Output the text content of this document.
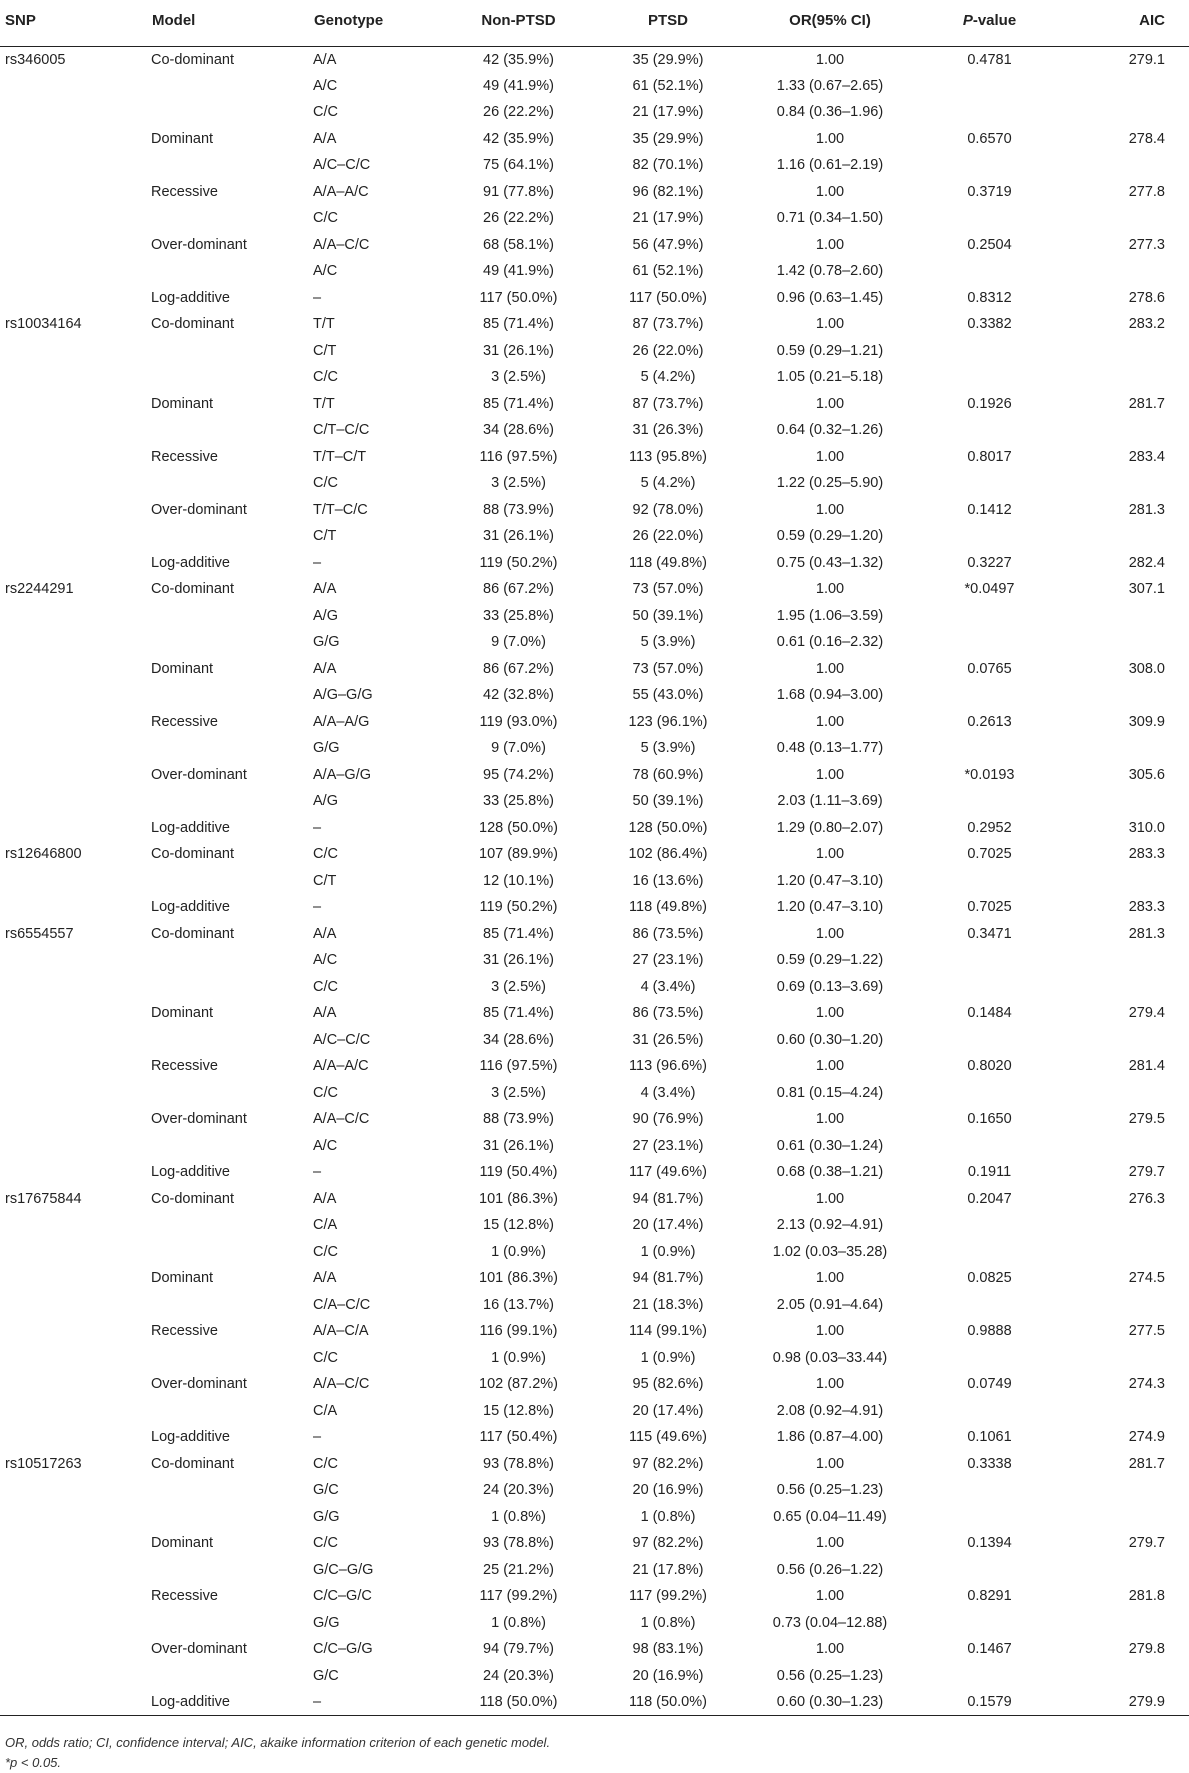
SNP	Model	Genotype	Non-PTSD	PTSD	OR(95% CI)	P-value	AIC
rs346005	Co-dominant	A/A	42 (35.9%)	35 (29.9%)	1.00	0.4781	279.1
		A/C	49 (41.9%)	61 (52.1%)	1.33 (0.67–2.65)		
		C/C	26 (22.2%)	21 (17.9%)	0.84 (0.36–1.96)		
	Dominant	A/A	42 (35.9%)	35 (29.9%)	1.00	0.6570	278.4
		A/C–C/C	75 (64.1%)	82 (70.1%)	1.16 (0.61–2.19)		
	Recessive	A/A–A/C	91 (77.8%)	96 (82.1%)	1.00	0.3719	277.8
		C/C	26 (22.2%)	21 (17.9%)	0.71 (0.34–1.50)		
	Over-dominant	A/A–C/C	68 (58.1%)	56 (47.9%)	1.00	0.2504	277.3
		A/C	49 (41.9%)	61 (52.1%)	1.42 (0.78–2.60)		
	Log-additive	–	117 (50.0%)	117 (50.0%)	0.96 (0.63–1.45)	0.8312	278.6
rs10034164	Co-dominant	T/T	85 (71.4%)	87 (73.7%)	1.00	0.3382	283.2
		C/T	31 (26.1%)	26 (22.0%)	0.59 (0.29–1.21)		
		C/C	3 (2.5%)	5 (4.2%)	1.05 (0.21–5.18)		
	Dominant	T/T	85 (71.4%)	87 (73.7%)	1.00	0.1926	281.7
		C/T–C/C	34 (28.6%)	31 (26.3%)	0.64 (0.32–1.26)		
	Recessive	T/T–C/T	116 (97.5%)	113 (95.8%)	1.00	0.8017	283.4
		C/C	3 (2.5%)	5 (4.2%)	1.22 (0.25–5.90)		
	Over-dominant	T/T–C/C	88 (73.9%)	92 (78.0%)	1.00	0.1412	281.3
		C/T	31 (26.1%)	26 (22.0%)	0.59 (0.29–1.20)		
	Log-additive	–	119 (50.2%)	118 (49.8%)	0.75 (0.43–1.32)	0.3227	282.4
rs2244291	Co-dominant	A/A	86 (67.2%)	73 (57.0%)	1.00	*0.0497	307.1
		A/G	33 (25.8%)	50 (39.1%)	1.95 (1.06–3.59)		
		G/G	9 (7.0%)	5 (3.9%)	0.61 (0.16–2.32)		
	Dominant	A/A	86 (67.2%)	73 (57.0%)	1.00	0.0765	308.0
		A/G–G/G	42 (32.8%)	55 (43.0%)	1.68 (0.94–3.00)		
	Recessive	A/A–A/G	119 (93.0%)	123 (96.1%)	1.00	0.2613	309.9
		G/G	9 (7.0%)	5 (3.9%)	0.48 (0.13–1.77)		
	Over-dominant	A/A–G/G	95 (74.2%)	78 (60.9%)	1.00	*0.0193	305.6
		A/G	33 (25.8%)	50 (39.1%)	2.03 (1.11–3.69)		
	Log-additive	–	128 (50.0%)	128 (50.0%)	1.29 (0.80–2.07)	0.2952	310.0
rs12646800	Co-dominant	C/C	107 (89.9%)	102 (86.4%)	1.00	0.7025	283.3
		C/T	12 (10.1%)	16 (13.6%)	1.20 (0.47–3.10)		
	Log-additive	–	119 (50.2%)	118 (49.8%)	1.20 (0.47–3.10)	0.7025	283.3
rs6554557	Co-dominant	A/A	85 (71.4%)	86 (73.5%)	1.00	0.3471	281.3
		A/C	31 (26.1%)	27 (23.1%)	0.59 (0.29–1.22)		
		C/C	3 (2.5%)	4 (3.4%)	0.69 (0.13–3.69)		
	Dominant	A/A	85 (71.4%)	86 (73.5%)	1.00	0.1484	279.4
		A/C–C/C	34 (28.6%)	31 (26.5%)	0.60 (0.30–1.20)		
	Recessive	A/A–A/C	116 (97.5%)	113 (96.6%)	1.00	0.8020	281.4
		C/C	3 (2.5%)	4 (3.4%)	0.81 (0.15–4.24)		
	Over-dominant	A/A–C/C	88 (73.9%)	90 (76.9%)	1.00	0.1650	279.5
		A/C	31 (26.1%)	27 (23.1%)	0.61 (0.30–1.24)		
	Log-additive	–	119 (50.4%)	117 (49.6%)	0.68 (0.38–1.21)	0.1911	279.7
rs17675844	Co-dominant	A/A	101 (86.3%)	94 (81.7%)	1.00	0.2047	276.3
		C/A	15 (12.8%)	20 (17.4%)	2.13 (0.92–4.91)		
		C/C	1 (0.9%)	1 (0.9%)	1.02 (0.03–35.28)		
	Dominant	A/A	101 (86.3%)	94 (81.7%)	1.00	0.0825	274.5
		C/A–C/C	16 (13.7%)	21 (18.3%)	2.05 (0.91–4.64)		
	Recessive	A/A–C/A	116 (99.1%)	114 (99.1%)	1.00	0.9888	277.5
		C/C	1 (0.9%)	1 (0.9%)	0.98 (0.03–33.44)		
	Over-dominant	A/A–C/C	102 (87.2%)	95 (82.6%)	1.00	0.0749	274.3
		C/A	15 (12.8%)	20 (17.4%)	2.08 (0.92–4.91)		
	Log-additive	–	117 (50.4%)	115 (49.6%)	1.86 (0.87–4.00)	0.1061	274.9
rs10517263	Co-dominant	C/C	93 (78.8%)	97 (82.2%)	1.00	0.3338	281.7
		G/C	24 (20.3%)	20 (16.9%)	0.56 (0.25–1.23)		
		G/G	1 (0.8%)	1 (0.8%)	0.65 (0.04–11.49)		
	Dominant	C/C	93 (78.8%)	97 (82.2%)	1.00	0.1394	279.7
		G/C–G/G	25 (21.2%)	21 (17.8%)	0.56 (0.26–1.22)		
	Recessive	C/C–G/C	117 (99.2%)	117 (99.2%)	1.00	0.8291	281.8
		G/G	1 (0.8%)	1 (0.8%)	0.73 (0.04–12.88)		
	Over-dominant	C/C–G/G	94 (79.7%)	98 (83.1%)	1.00	0.1467	279.8
		G/C	24 (20.3%)	20 (16.9%)	0.56 (0.25–1.23)		
	Log-additive	–	118 (50.0%)	118 (50.0%)	0.60 (0.30–1.23)	0.1579	279.9
OR, odds ratio; CI, confidence interval; AIC, akaike information criterion of each genetic model.
*p < 0.05.
